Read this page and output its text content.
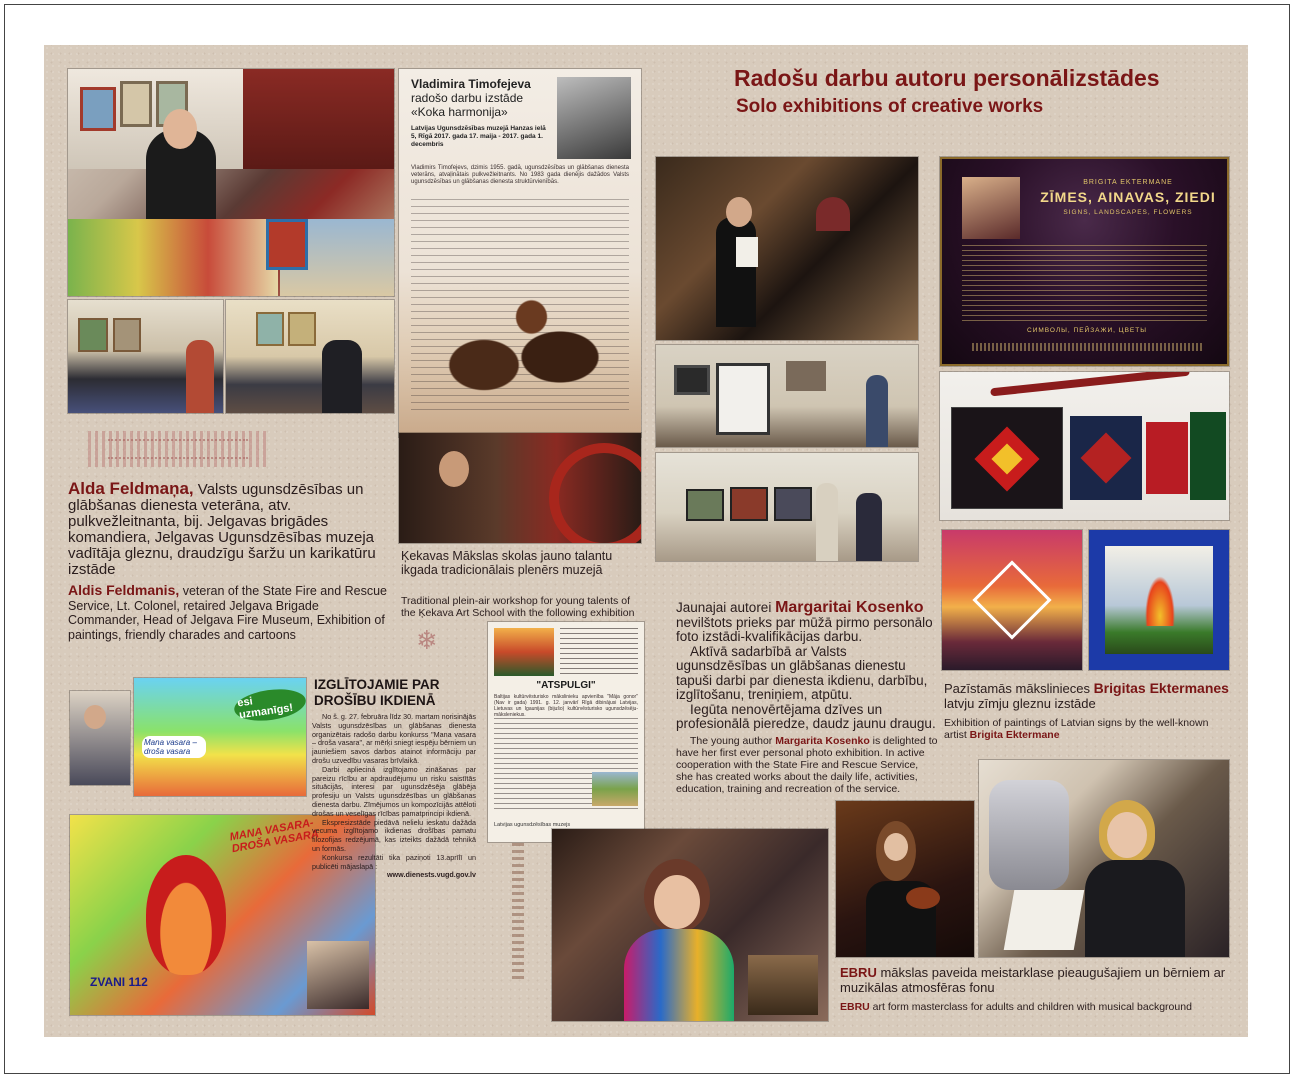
Radošu darbu autoru personālizstādes
Solo exhibitions of creative works
Alda Feldmaņa, Valsts ugunsdzēsības un glābšanas dienesta veterāna, atv. pulkvežleitnanta, bij. Jelgavas brigādes komandiera, Jelgavas Ugunsdzēsības muzeja vadītāja gleznu, draudzīgu šaržu un karikatūru izstāde
Aldis Feldmanis, veteran of the State Fire and Rescue Service, Lt. Colonel, retaired Jelgava Brigade Commander, Head of Jelgava Fire Museum, Exhibition of paintings, friendly charades and cartoons
Vladimira Timofejeva
radošo darbu izstāde
«Koka harmonija»
Latvijas Ugunsdzēsības muzejā Hanzas ielā 5, Rīgā 2017. gada 17. maija - 2017. gada 1. decembris
Vladimirs Timofejevs, dzimis 1955. gadā, ugunsdzēsības un glābšanas dienesta veterāns, atvaļinātais pulkvežleitnants. No 1983 gada dienējis dažādos Valsts ugunsdzēsības un glābšanas dienesta struktūrvienībās.
Ķekavas Mākslas skolas jauno talantu ikgada tradicionālais plenērs muzejā
Traditional plein-air workshop for young talents of the Ķekava Art School with the following exhibition
❄
Jaunajai autorei Margaritai Kosenko nevilštots prieks par mūžā pirmo personālo foto izstādi-kvalifikācijas darbu.
Aktīvā sadarbībā ar Valsts ugunsdzēsības un glābšanas dienestu tapuši darbi par dienesta ikdienu, darbību, izglītošanu, treniņiem, atpūtu.
Iegūta nenovērtējama dzīves un profesionālā pieredze, daudz jaunu draugu.
The young author Margarita Kosenko is delighted to have her first ever personal photo exhibition. In active cooperation with the State Fire and Rescue Service, she has created works about the daily life, activities, education, training and recreation of the service.
BRIGITA EKTERMANE
ZĪMES, AINAVAS, ZIEDI
SIGNS, LANDSCAPES, FLOWERS
СИМВОЛЫ, ПЕЙЗАЖИ, ЦВЕТЫ
Pazīstamās mākslinieces Brigitas Ektermanes latvju zīmju gleznu izstāde
Exhibition of paintings of Latvian signs by the well-known artist Brigita Ektermane
esi uzmanīgs!
Mana vasara – droša vasara
MANA VASARA- DROŠA VASARA
ZVANI 112
IZGLĪTOJAMIE PAR DROŠĪBU IKDIENĀ
No š. g. 27. februāra līdz 30. martam norisinājās Valsts ugunsdzēsības un glābšanas dienesta organizētais radošo darbu konkurss "Mana vasara – droša vasara", ar mērķi sniegt iespēju bērniem un jauniešiem savos darbos atainot informāciju par drošu uzvedību vasaras brīvlaikā.
Darbi aplieciná izglītojamo zināšanas par pareizu rīcību ar apdraudējumu un risku saistītās situācijās, interesi par ugunsdzēsēja glābēja profesiju un Valsts ugunsdzēsības un glābšanas dienesta darbu. Zīmējumos un kompozīcijās attēloti drošas un veselīgas rīcības pamatprincipi ikdienā.
Ekspresizstāde piedāvā nelielu ieskatu dažāda vecuma izglītojamo ikdienas drošības pamatu filozofijas redzējumā, kas izteikts dažādā tehnikā un formās.
Konkursa rezultāti tika paziņoti 13.aprīlī un publicēti mājaslapā :
www.dienests.vugd.gov.lv
"ATSPULGI"
Baltijas kultūrvēsturisko mākslinieku apvienība "Māja gonor" (Nav ir gada) 1991. g. 12. janvārī Rīgā dibinājusi Latvijas, Lietuvas un Igaunijas (bijušo) kultūrvēsturisko ugunsdzēsēju-māksleniekus.
Latvijas ugunsdzēsības muzejs
EBRU mākslas paveida meistarklase pieaugušajiem un bērniem ar muzikālas atmosfēras fonu
EBRU art form masterclass for adults and children with musical background
